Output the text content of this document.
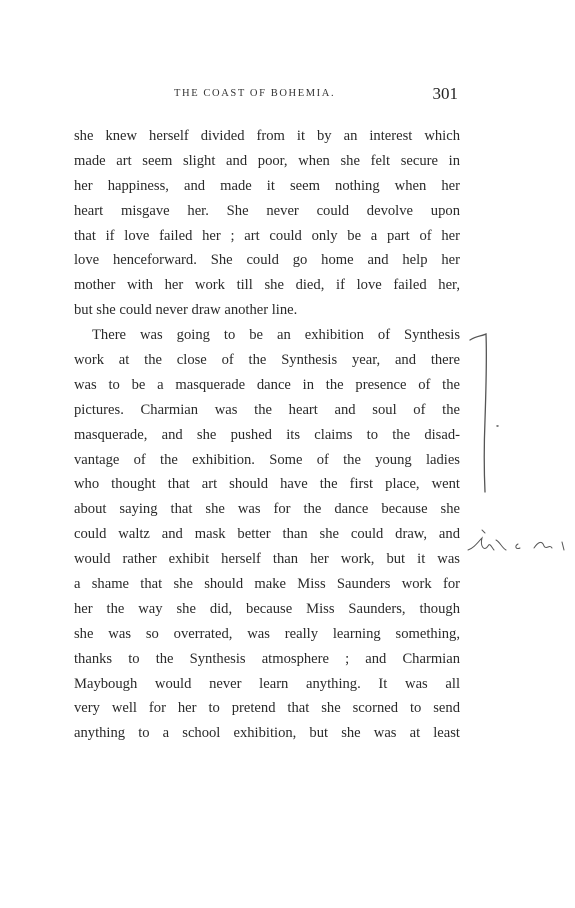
THE COAST OF BOHEMIA.	301
she knew herself divided from it by an interest which
made art seem slight and poor, when she felt secure in
her happiness, and made it seem nothing when her
heart misgave her. She never could devolve upon
that if love failed her ; art could only be a part of her
love henceforward. She could go home and help her
mother with her work till she died, if love failed her,
but she could never draw another line.
There was going to be an exhibition of Synthesis
work at the close of the Synthesis year, and there
was to be a masquerade dance in the presence of the
pictures. Charmian was the heart and soul of the
masquerade, and she pushed its claims to the disad-
vantage of the exhibition. Some of the young ladies
who thought that art should have the first place, went
about saying that she was for the dance because she
could waltz and mask better than she could draw, and
would rather exhibit herself than her work, but it was
a shame that she should make Miss Saunders work for
her the way she did, because Miss Saunders, though
she was so overrated, was really learning something,
thanks to the Synthesis atmosphere ; and Charmian
Maybough would never learn anything. It was all
very well for her to pretend that she scorned to send
anything to a school exhibition, but she was at least
